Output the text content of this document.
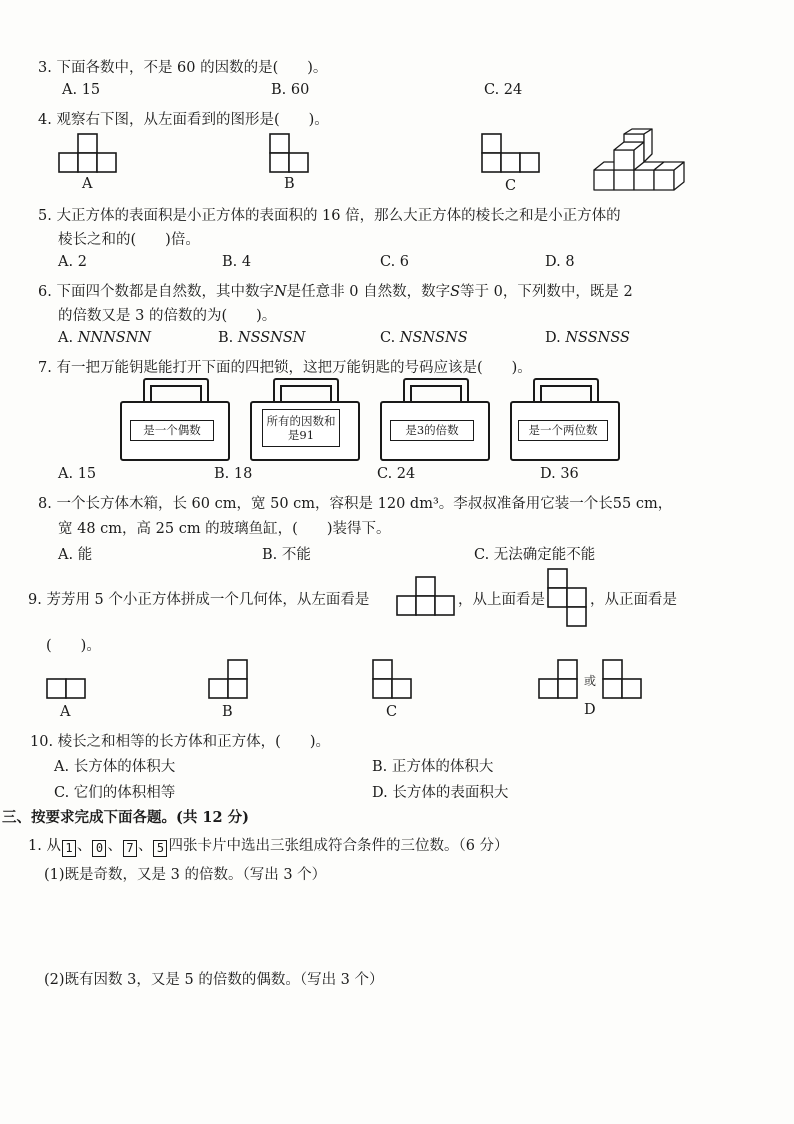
3. 下面各数中，不是 60 的因数的是(　　)。
A. 15	B. 60	C. 24
4. 观察右下图，从左面看到的图形是(　　)。
A	B	C
5. 大正方体的表面积是小正方体的表面积的 16 倍，那么大正方体的棱长之和是小正方体的
棱长之和的(　　)倍。
A. 2	B. 4	C. 6	D. 8
6. 下面四个数都是自然数，其中数字N是任意非 0 自然数，数字S等于 0，下列数中，既是 2
的倍数又是 3 的倍数的为(　　)。
A. NNNSNN	B. NSSNSN	C. NSNSNS	D. NSSNSS
7. 有一把万能钥匙能打开下面的四把锁，这把万能钥匙的号码应该是(　　)。
是一个偶数
所有的因数和是91	是3的倍数	是一个两位数
A. 15	B. 18	C. 24	D. 36
8. 一个长方体木箱，长 60 cm，宽 50 cm，容积是 120 dm³。李叔叔准备用它装一个长55 cm，
宽 48 cm，高 25 cm 的玻璃鱼缸，(　　)装得下。
A. 能	B. 不能	C. 无法确定能不能
9. 芳芳用 5 个小正方体拼成一个几何体，从左面看是	，从上面看是	，从正面看是
(　　)。
A	B	C
或
D
10. 棱长之和相等的长方体和正方体，(　　)。
A. 长方体的体积大	B. 正方体的体积大
C. 它们的体积相等	D. 长方体的表面积大
三、按要求完成下面各题。(共 12 分)
1. 从 1 、 0 、 7 、 5 四张卡片中选出三张组成符合条件的三位数。（6 分）
(1)既是奇数，又是 3 的倍数。（写出 3 个）
(2)既有因数 3，又是 5 的倍数的偶数。（写出 3 个）
